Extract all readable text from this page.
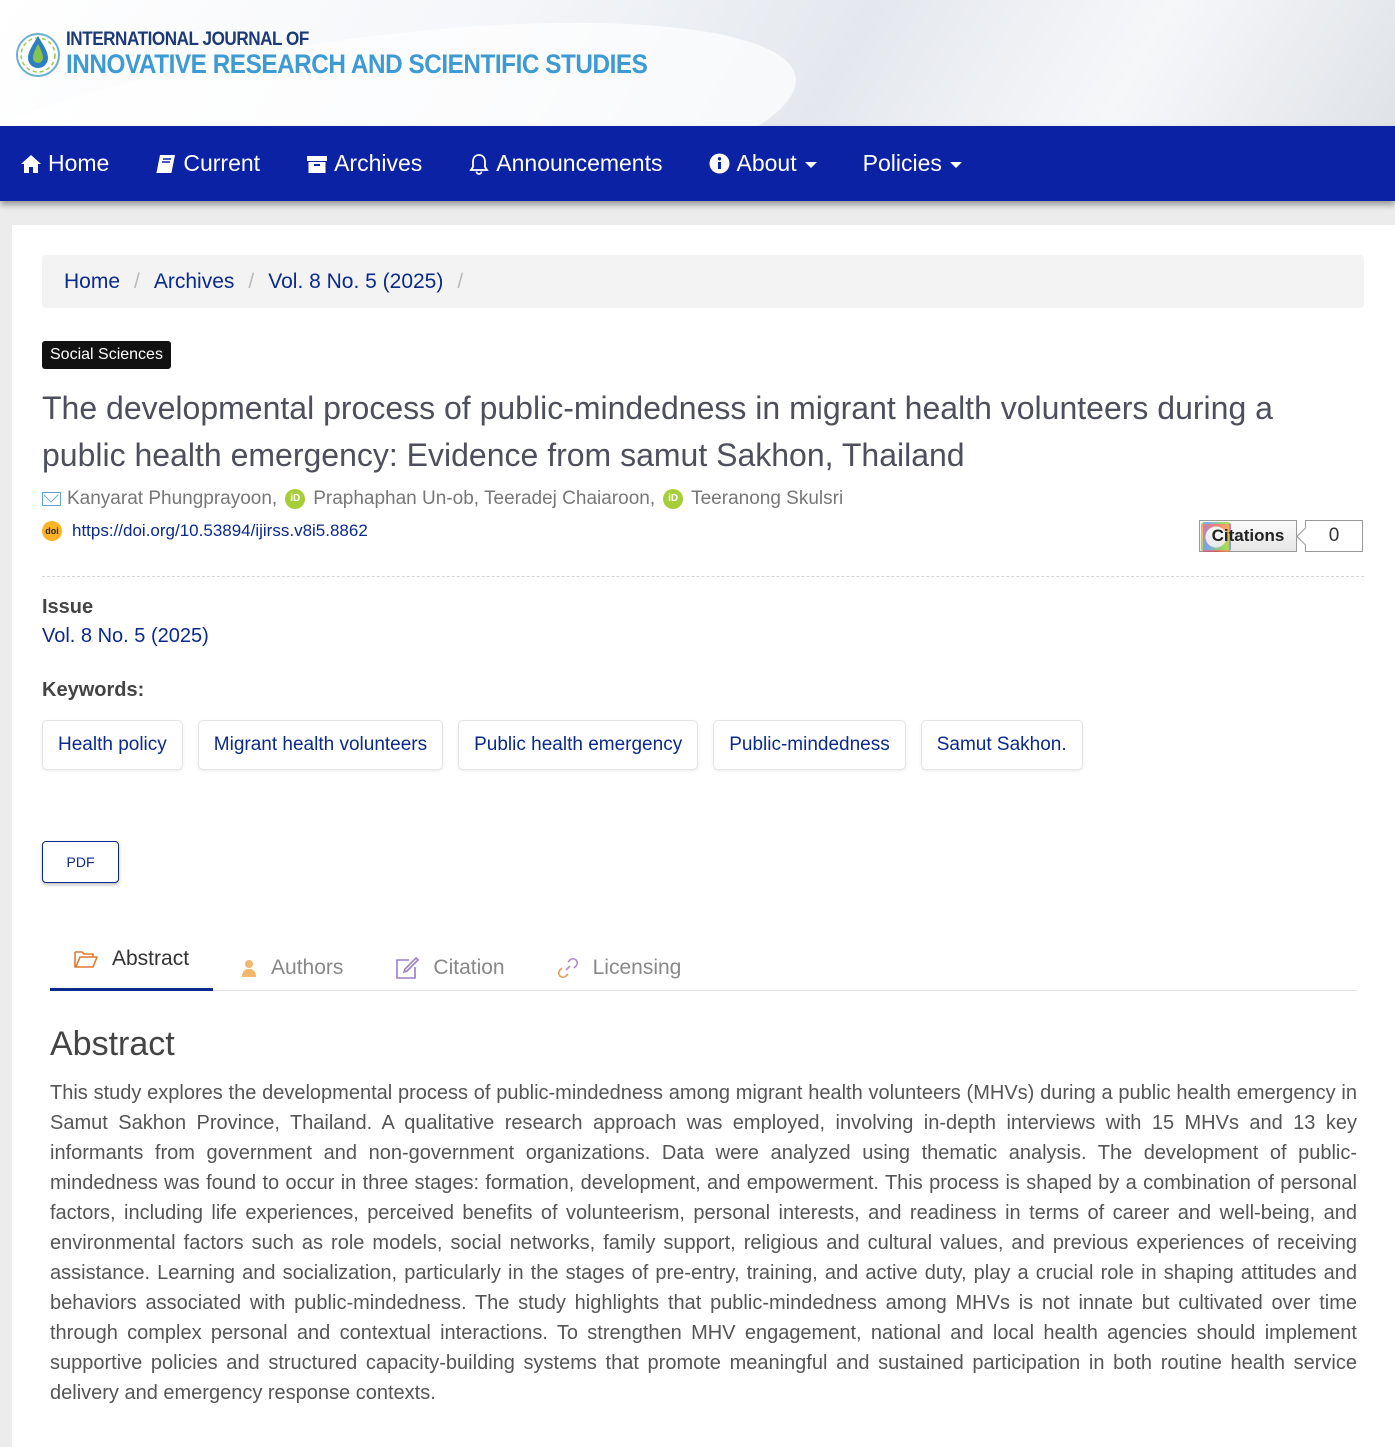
INTERNATIONAL JOURNAL OF
INNOVATIVE RESEARCH AND SCIENTIFIC STUDIES
Home	Current	Archives	Announcements	About	Policies
Home / Archives / Vol. 8 No. 5 (2025) /
Social Sciences
The developmental process of public-mindedness in migrant health volunteers during a public health emergency: Evidence from samut Sakhon, Thailand
Kanyarat Phungprayoon,	iD Praphaphan Un-ob, Teeradej Chaiaroon,	iD Teeranong Skulsri
doi https://doi.org/10.53894/ijirss.v8i5.8862	Citations	0
Issue
Vol. 8 No. 5 (2025)
Keywords:
Health policy	Migrant health volunteers	Public health emergency	Public-mindedness	Samut Sakhon.
PDF
Abstract	Authors	Citation	Licensing
Abstract

This study explores the developmental process of public-mindedness among migrant health volunteers (MHVs) during a public health emergency in Samut Sakhon Province, Thailand. A qualitative research approach was employed, involving in-depth interviews with 15 MHVs and 13 key informants from government and non-government organizations. Data were analyzed using thematic analysis. The development of public-mindedness was found to occur in three stages: formation, development, and empowerment. This process is shaped by a combination of personal factors, including life experiences, perceived benefits of volunteerism, personal interests, and readiness in terms of career and well-being, and environmental factors such as role models, social networks, family support, religious and cultural values, and previous experiences of receiving assistance. Learning and socialization, particularly in the stages of pre-entry, training, and active duty, play a crucial role in shaping attitudes and behaviors associated with public-mindedness. The study highlights that public-mindedness among MHVs is not innate but cultivated over time through complex personal and contextual interactions. To strengthen MHV engagement, national and local health agencies should implement supportive policies and structured capacity-building systems that promote meaningful and sustained participation in both routine health service delivery and emergency response contexts.
